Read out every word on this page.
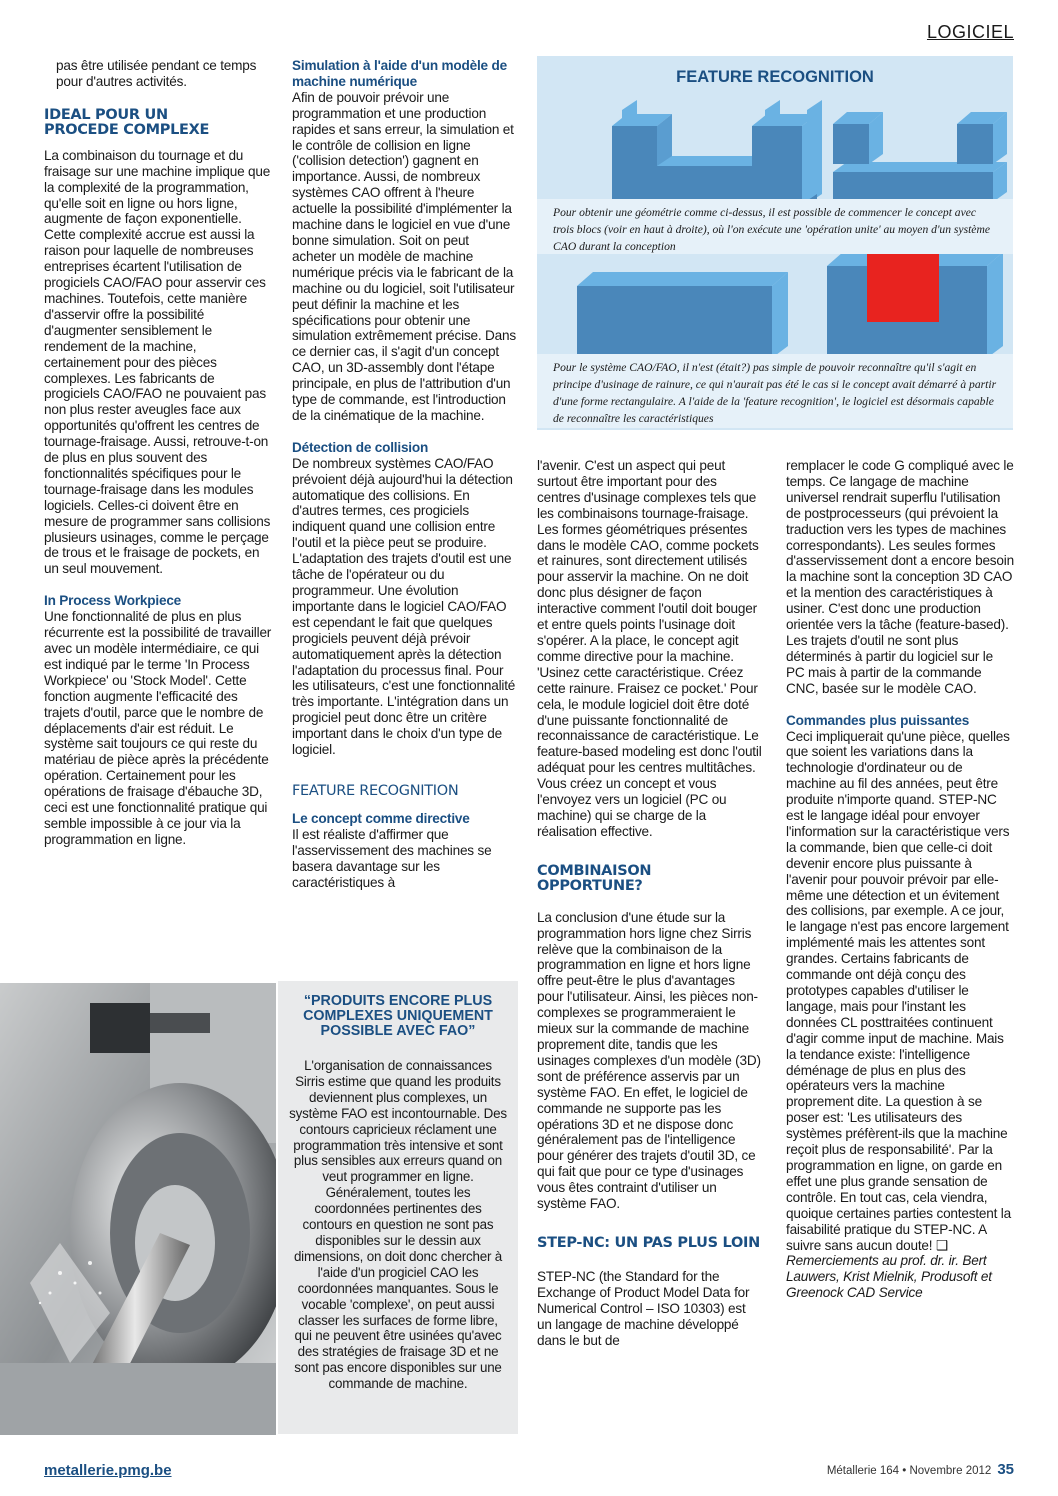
LOGICIEL

pas être utilisée pendant ce temps pour d'autres activités.

IDEAL POUR UN PROCEDE COMPLEXE

La combinaison du tournage et du fraisage sur une machine implique que la complexité de la programmation, qu'elle soit en ligne ou hors ligne, augmente de façon exponentielle. Cette complexité accrue est aussi la raison pour laquelle de nombreuses entreprises écartent l'utilisation de progiciels CAO/FAO pour asservir ces machines. Toutefois, cette manière d'asservir offre la possibilité d'augmenter sensiblement le rendement de la machine, certainement pour des pièces complexes. Les fabricants de progiciels CAO/FAO ne pouvaient pas non plus rester aveugles face aux opportunités qu'offrent les centres de tournage-fraisage. Aussi, retrouve-t-on de plus en plus souvent des fonctionnalités spécifiques pour le tournage-fraisage dans les modules logiciels. Celles-ci doivent être en mesure de programmer sans collisions plusieurs usinages, comme le perçage de trous et le fraisage de pockets, en un seul mouvement.

In Process Workpiece

Une fonctionnalité de plus en plus récurrente est la possibilité de travailler avec un modèle intermédiaire, ce qui est indiqué par le terme 'In Process Workpiece' ou 'Stock Model'. Cette fonction augmente l'efficacité des trajets d'outil, parce que le nombre de déplacements d'air est réduit. Le système sait toujours ce qui reste du matériau de pièce après la précédente opération. Certainement pour les opérations de fraisage d'ébauche 3D, ceci est une fonctionnalité pratique qui semble impossible à ce jour via la programmation en ligne.

Simulation à l'aide d'un modèle de machine numérique

Afin de pouvoir prévoir une programmation et une production rapides et sans erreur, la simulation et le contrôle de collision en ligne ('collision detection') gagnent en importance. Aussi, de nombreux systèmes CAO offrent à l'heure actuelle la possibilité d'implémenter la machine dans le logiciel en vue d'une bonne simulation. Soit on peut acheter un modèle de machine numérique précis via le fabricant de la machine ou du logiciel, soit l'utilisateur peut définir la machine et les spécifications pour obtenir une simulation extrêmement précise. Dans ce dernier cas, il s'agit d'un concept CAO, un 3D-assembly dont l'étape principale, en plus de l'attribution d'un type de commande, est l'introduction de la cinématique de la machine.

Détection de collision

De nombreux systèmes CAO/FAO prévoient déjà aujourd'hui la détection automatique des collisions. En d'autres termes, ces progiciels indiquent quand une collision entre l'outil et la pièce peut se produire. L'adaptation des trajets d'outil est une tâche de l'opérateur ou du programmeur. Une évolution importante dans le logiciel CAO/FAO est cependant le fait que quelques progiciels peuvent déjà prévoir automatiquement après la détection l'adaptation du processus final. Pour les utilisateurs, c'est une fonctionnalité très importante. L'intégration dans un progiciel peut donc être un critère important dans le choix d'un type de logiciel.

FEATURE RECOGNITION

Le concept comme directive

Il est réaliste d'affirmer que l'asservissement des machines se basera davantage sur les caractéristiques à

FEATURE RECOGNITION
Pour obtenir une géométrie comme ci-dessus, il est possible de commencer le concept avec trois blocs (voir en haut à droite), où l'on exécute une 'opération unite' au moyen d'un système CAO durant la conception
Pour le système CAO/FAO, il n'est (était?) pas simple de pouvoir reconnaître qu'il s'agit en principe d'usinage de rainure, ce qui n'aurait pas été le cas si le concept avait démarré à partir d'une forme rectangulaire. A l'aide de la 'feature recognition', le logiciel est désormais capable de reconnaître les caractéristiques

l'avenir. C'est un aspect qui peut surtout être important pour des centres d'usinage complexes tels que les combinaisons tournage-fraisage. Les formes géométriques présentes dans le modèle CAO, comme pockets et rainures, sont directement utilisés pour asservir la machine. On ne doit donc plus désigner de façon interactive comment l'outil doit bouger et entre quels points l'usinage doit s'opérer. A la place, le concept agit comme directive pour la machine. 'Usinez cette caractéristique. Créez cette rainure. Fraisez ce pocket.' Pour cela, le module logiciel doit être doté d'une puissante fonctionnalité de reconnaissance de caractéristique. Le feature-based modeling est donc l'outil adéquat pour les centres multitâches. Vous créez un concept et vous l'envoyez vers un logiciel (PC ou machine) qui se charge de la réalisation effective.

COMBINAISON OPPORTUNE?

La conclusion d'une étude sur la programmation hors ligne chez Sirris relève que la combinaison de la programmation en ligne et hors ligne offre peut-être le plus d'avantages pour l'utilisateur. Ainsi, les pièces non-complexes se programmeraient le mieux sur la commande de machine proprement dite, tandis que les usinages complexes d'un modèle (3D) sont de préférence asservis par un système FAO. En effet, le logiciel de commande ne supporte pas les opérations 3D et ne dispose donc généralement pas de l'intelligence pour générer des trajets d'outil 3D, ce qui fait que pour ce type d'usinages vous êtes contraint d'utiliser un système FAO.

STEP-NC: UN PAS PLUS LOIN

STEP-NC (the Standard for the Exchange of Product Model Data for Numerical Control – ISO 10303) est un langage de machine développé dans le but de

remplacer le code G compliqué avec le temps. Ce langage de machine universel rendrait superflu l'utilisation de postprocesseurs (qui prévoient la traduction vers les types de machines correspondants). Les seules formes d'asservissement dont a encore besoin la machine sont la conception 3D CAO et la mention des caractéristiques à usiner. C'est donc une production orientée vers la tâche (feature-based). Les trajets d'outil ne sont plus déterminés à partir du logiciel sur le PC mais à partir de la commande CNC, basée sur le modèle CAO.

Commandes plus puissantes

Ceci impliquerait qu'une pièce, quelles que soient les variations dans la technologie d'ordinateur ou de machine au fil des années, peut être produite n'importe quand. STEP-NC est le langage idéal pour envoyer l'information sur la caractéristique vers la commande, bien que celle-ci doit devenir encore plus puissante à l'avenir pour pouvoir prévoir par elle-même une détection et un évitement des collisions, par exemple. A ce jour, le langage n'est pas encore largement implémenté mais les attentes sont grandes. Certains fabricants de commande ont déjà conçu des prototypes capables d'utiliser le langage, mais pour l'instant les données CL posttraitées continuent d'agir comme input de machine. Mais la tendance existe: l'intelligence déménage de plus en plus des opérateurs vers la machine proprement dite. La question à se poser est: 'Les utilisateurs des systèmes préfèrent-ils que la machine reçoit plus de responsabilité'. Par la programmation en ligne, on garde en effet une plus grande sensation de contrôle. En tout cas, cela viendra, quoique certaines parties contestent la faisabilité pratique du STEP-NC. A suivre sans aucun doute! ❑

Remerciements au prof. dr. ir. Bert Lauwers, Krist Mielnik, Produsoft et Greenock CAD Service

“PRODUITS ENCORE PLUS COMPLEXES UNIQUEMENT POSSIBLE AVEC FAO”
L'organisation de connaissances Sirris estime que quand les produits deviennent plus complexes, un système FAO est incontournable. Des contours capricieux réclament une programmation très intensive et sont plus sensibles aux erreurs quand on veut programmer en ligne. Généralement, toutes les coordonnées pertinentes des contours en question ne sont pas disponibles sur le dessin aux dimensions, on doit donc chercher à l'aide d'un progiciel CAO les coordonnées manquantes. Sous le vocable 'complexe', on peut aussi classer les surfaces de forme libre, qui ne peuvent être usinées qu'avec des stratégies de fraisage 3D et ne sont pas encore disponibles sur une commande de machine.
metallerie.pmg.be	Métallerie 164 • Novembre 2012 35
